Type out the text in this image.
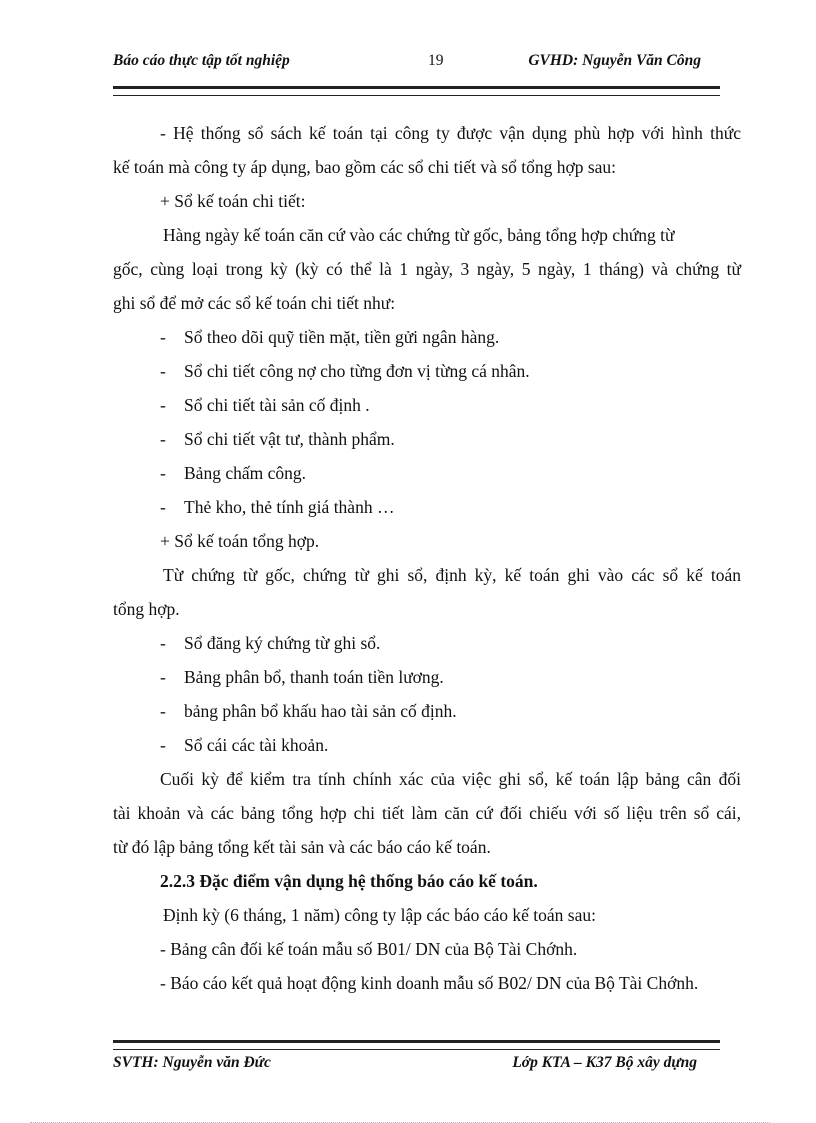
Báo cáo thực tập tốt nghiệp	19	GVHD: Nguyễn Văn Công

- Hệ thống sổ sách kế toán tại công ty được vận dụng phù hợp với hình thức

kế toán mà công ty áp dụng, bao gồm các sổ chi tiết và sổ tổng hợp sau:

+ Sổ kế toán chi tiết:

Hàng ngày kế toán căn cứ vào các chứng từ gốc, bảng tổng hợp chứng từ

gốc, cùng loại trong kỳ (kỳ có thể là 1 ngày, 3 ngày, 5 ngày, 1 tháng) và chứng từ

ghi sổ để mở các sổ kế toán chi tiết như:

- Sổ theo dõi quỹ tiền mặt, tiền gửi ngân hàng.
- Sổ chi tiết công nợ cho từng đơn vị từng cá nhân.
- Sổ chi tiết tài sản cố định .
- Sổ chi tiết vật tư, thành phẩm.
- Bảng chấm công.
- Thẻ kho, thẻ tính giá thành …

+ Sổ kế toán tổng hợp.

Từ chứng từ gốc, chứng từ ghi sổ, định kỳ, kế toán ghi vào các sổ kế toán

tổng hợp.

- Sổ đăng ký chứng từ ghi sổ.
- Bảng phân bổ, thanh toán tiền lương.
- bảng phân bổ khấu hao tài sản cố định.
- Sổ cái các tài khoản.

Cuối kỳ để kiểm tra tính chính xác của việc ghi sổ, kế toán lập bảng cân đối

tài khoản và các bảng tổng hợp chi tiết làm căn cứ đối chiếu với số liệu trên sổ cái,

từ đó lập bảng tổng kết tài sản và các báo cáo kế toán.

2.2.3 Đặc điểm vận dụng hệ thống báo cáo kế toán.

Định kỳ (6 tháng, 1 năm) công ty lập các báo cáo kế toán sau:

- Bảng cân đối kế toán mẫu số B01/ DN của Bộ Tài Chớnh.

- Báo cáo kết quả hoạt động kinh doanh mẫu số B02/ DN của Bộ Tài Chớnh.

SVTH: Nguyễn văn Đức	Lớp KTA – K37 Bộ xây dựng
